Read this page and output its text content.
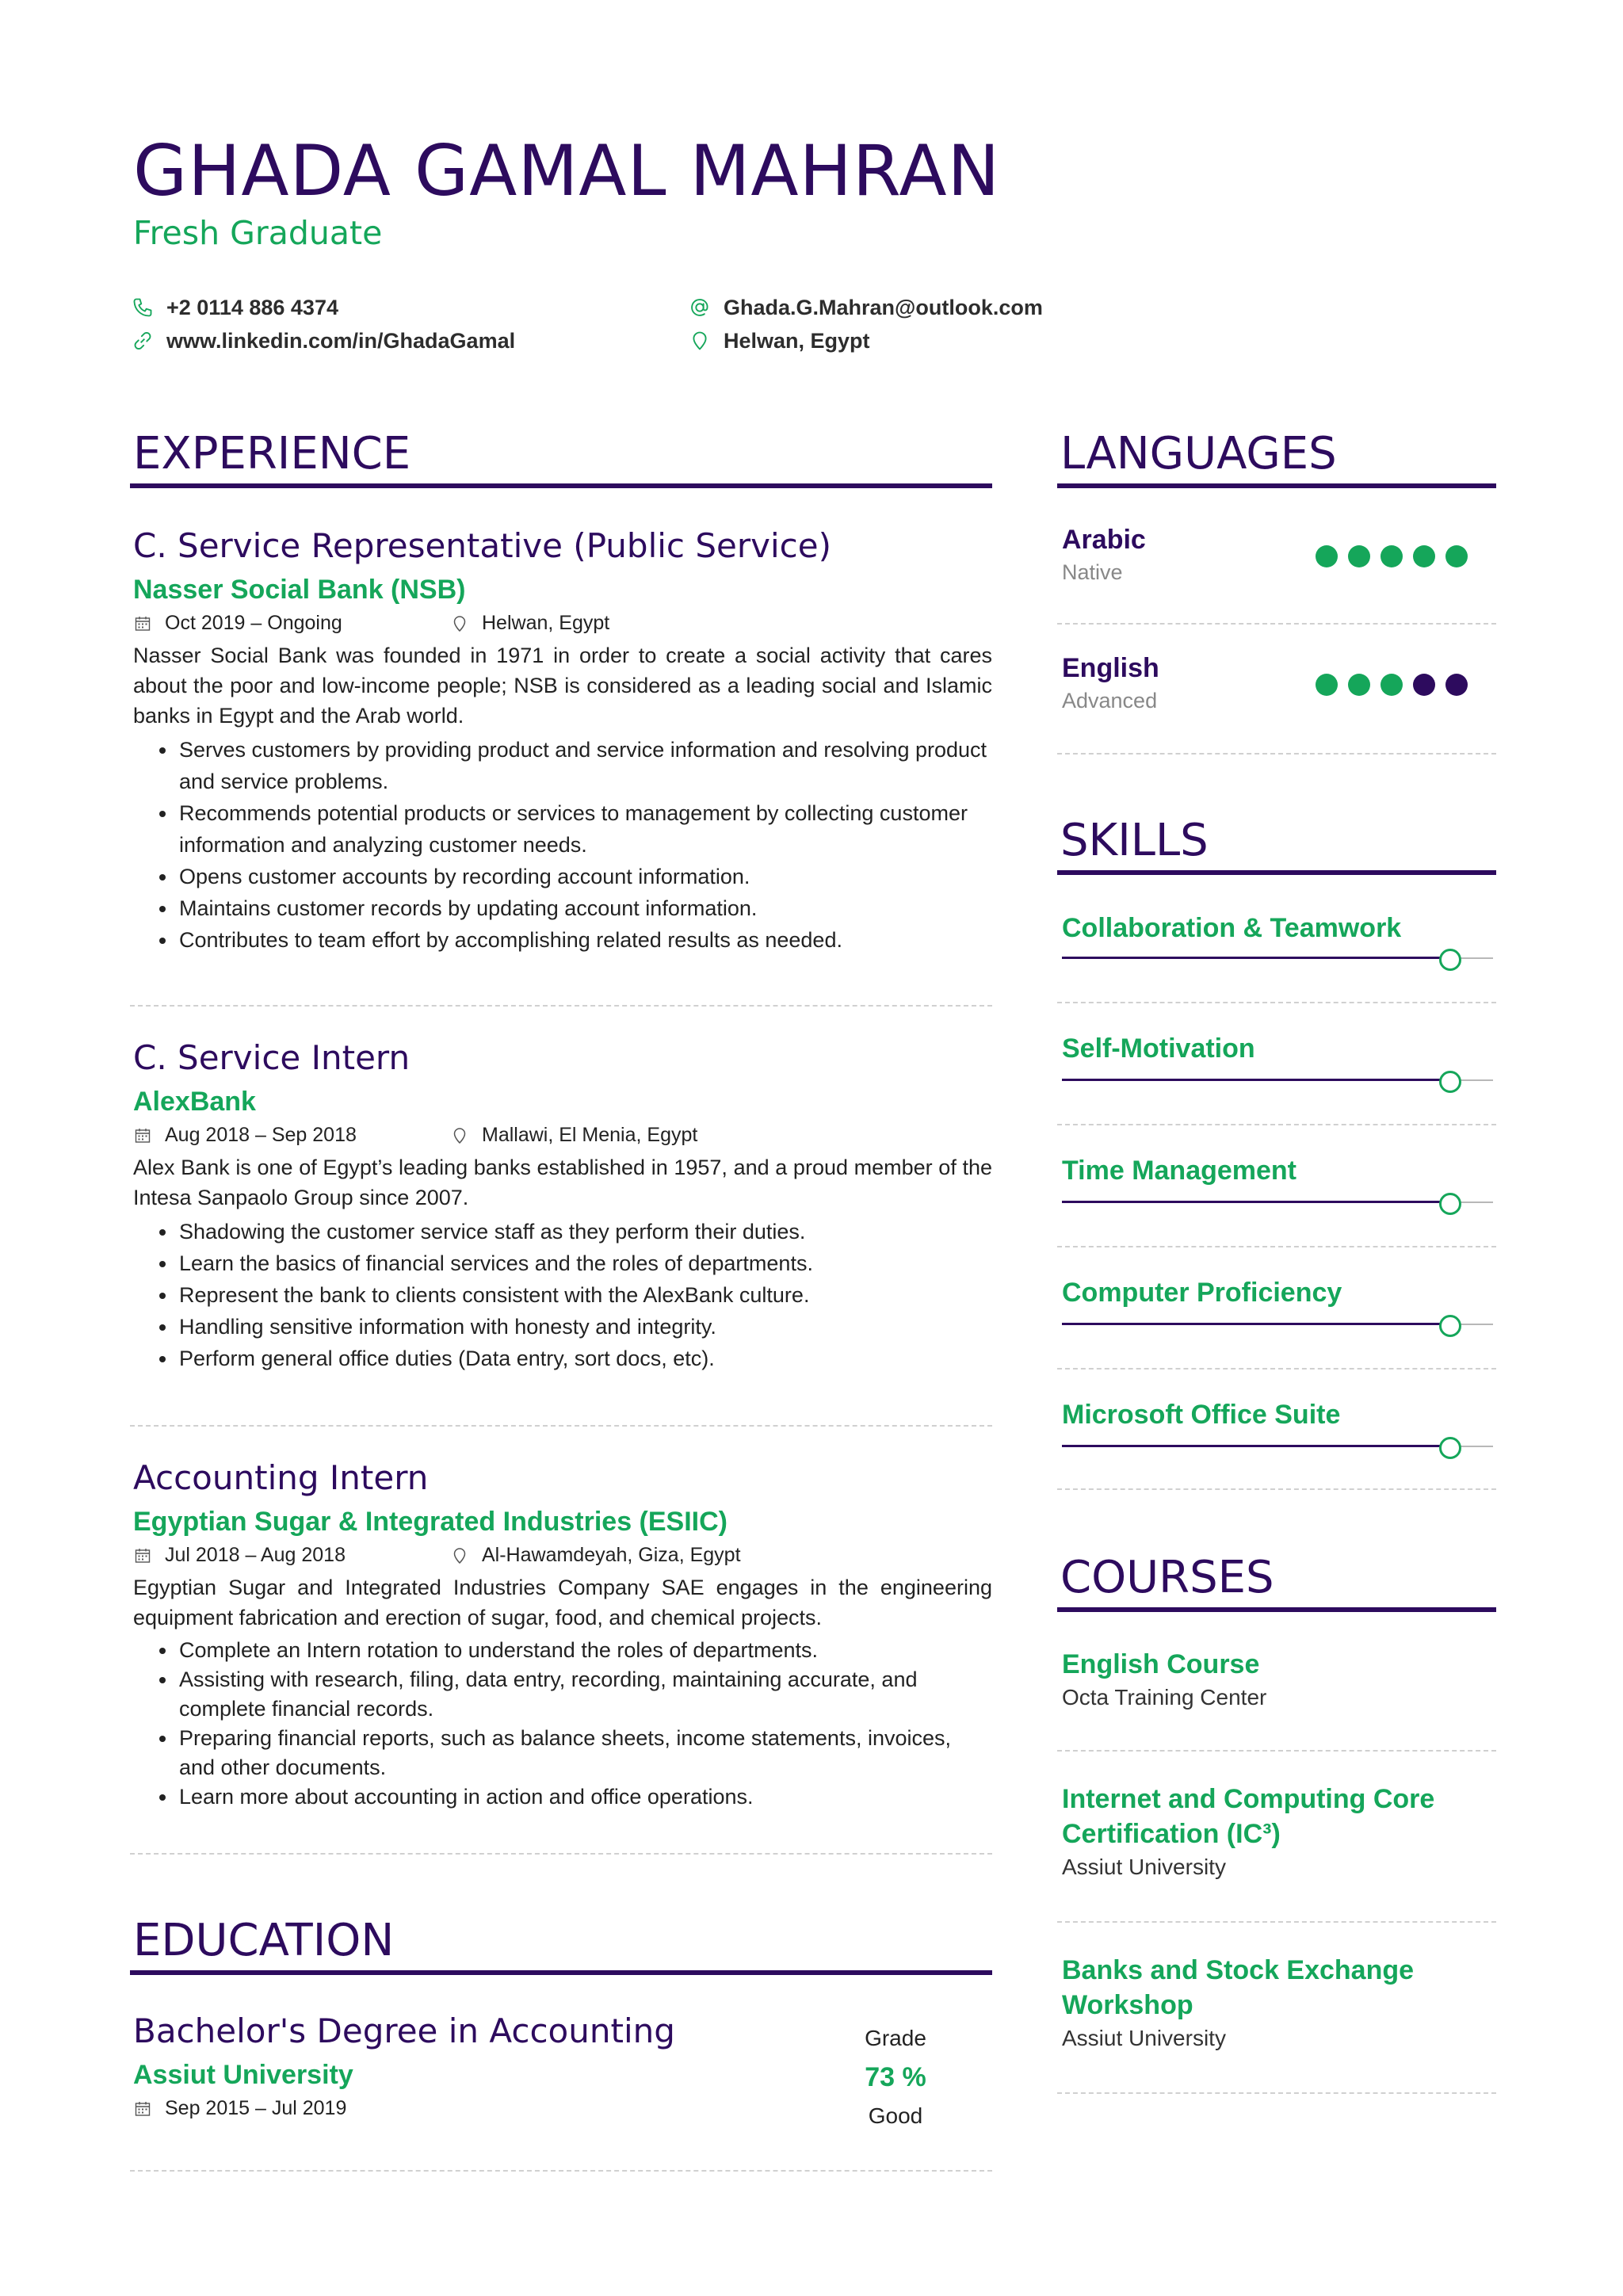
GHADA GAMAL MAHRAN
Fresh Graduate
+2 0114 886 4374
www.linkedin.com/in/GhadaGamal
Ghada.G.Mahran@outlook.com
Helwan, Egypt
EXPERIENCE
C. Service Representative (Public Service)
Nasser Social Bank (NSB)
Oct 2019 – Ongoing	Helwan, Egypt
Nasser Social Bank was founded in 1971 in order to create a social activity that cares about the poor and low-income people; NSB is considered as a leading social and Islamic banks in Egypt and the Arab world.
• Serves customers by providing product and service information and resolving product and service problems.
• Recommends potential products or services to management by collecting customer information and analyzing customer needs.
• Opens customer accounts by recording account information.
• Maintains customer records by updating account information.
• Contributes to team effort by accomplishing related results as needed.
C. Service Intern
AlexBank
Aug 2018 – Sep 2018	Mallawi, El Menia, Egypt
Alex Bank is one of Egypt’s leading banks established in 1957, and a proud member of the Intesa Sanpaolo Group since 2007.
• Shadowing the customer service staff as they perform their duties.
• Learn the basics of financial services and the roles of departments.
• Represent the bank to clients consistent with the AlexBank culture.
• Handling sensitive information with honesty and integrity.
• Perform general office duties (Data entry, sort docs, etc).
Accounting Intern
Egyptian Sugar & Integrated Industries (ESIIC)
Jul 2018 – Aug 2018	Al-Hawamdeyah, Giza, Egypt
Egyptian Sugar and Integrated Industries Company SAE engages in the engineering equipment fabrication and erection of sugar, food, and chemical projects.
• Complete an Intern rotation to understand the roles of departments.
• Assisting with research, filing, data entry, recording, maintaining accurate, and complete financial records.
• Preparing financial reports, such as balance sheets, income statements, invoices, and other documents.
• Learn more about accounting in action and office operations.
EDUCATION
Bachelor's Degree in Accounting
Assiut University
Sep 2015 – Jul 2019
Grade
73 %
Good
LANGUAGES
Arabic
Native
English
Advanced
SKILLS
Collaboration & Teamwork
Self-Motivation
Time Management
Computer Proficiency
Microsoft Office Suite
COURSES
English Course
Octa Training Center
Internet and Computing Core Certification (IC³)
Assiut University
Banks and Stock Exchange Workshop
Assiut University
